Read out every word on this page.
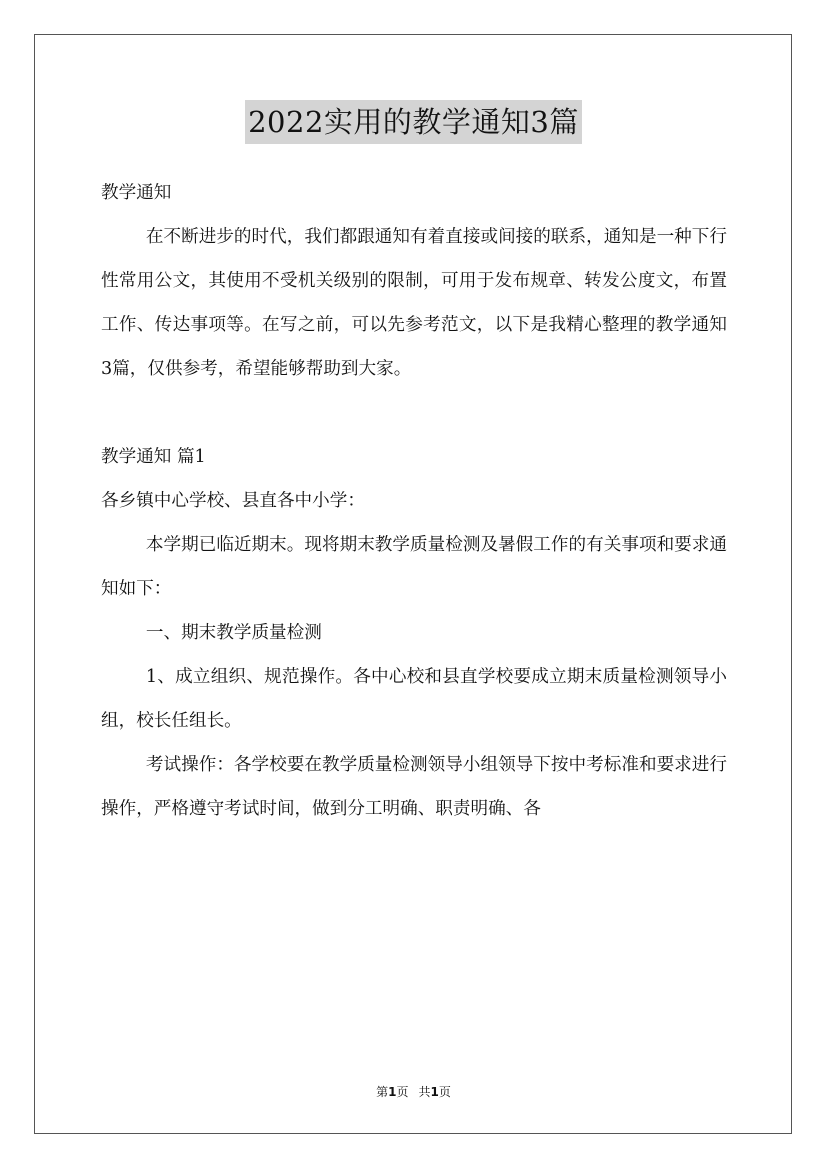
2022实用的教学通知3篇

教学通知

在不断进步的时代，我们都跟通知有着直接或间接的联系，通知是一种下行性常用公文，其使用不受机关级别的限制，可用于发布规章、转发公度文，布置工作、传达事项等。在写之前，可以先参考范文，以下是我精心整理的教学通知3篇，仅供参考，希望能够帮助到大家。

教学通知 篇1

各乡镇中心学校、县直各中小学：

本学期已临近期末。现将期末教学质量检测及暑假工作的有关事项和要求通知如下：

一、期末教学质量检测

1、成立组织、规范操作。各中心校和县直学校要成立期末质量检测领导小组，校长任组长。

考试操作：各学校要在教学质量检测领导小组领导下按中考标准和要求进行操作，严格遵守考试时间，做到分工明确、职责明确、各

第1页 共1页
